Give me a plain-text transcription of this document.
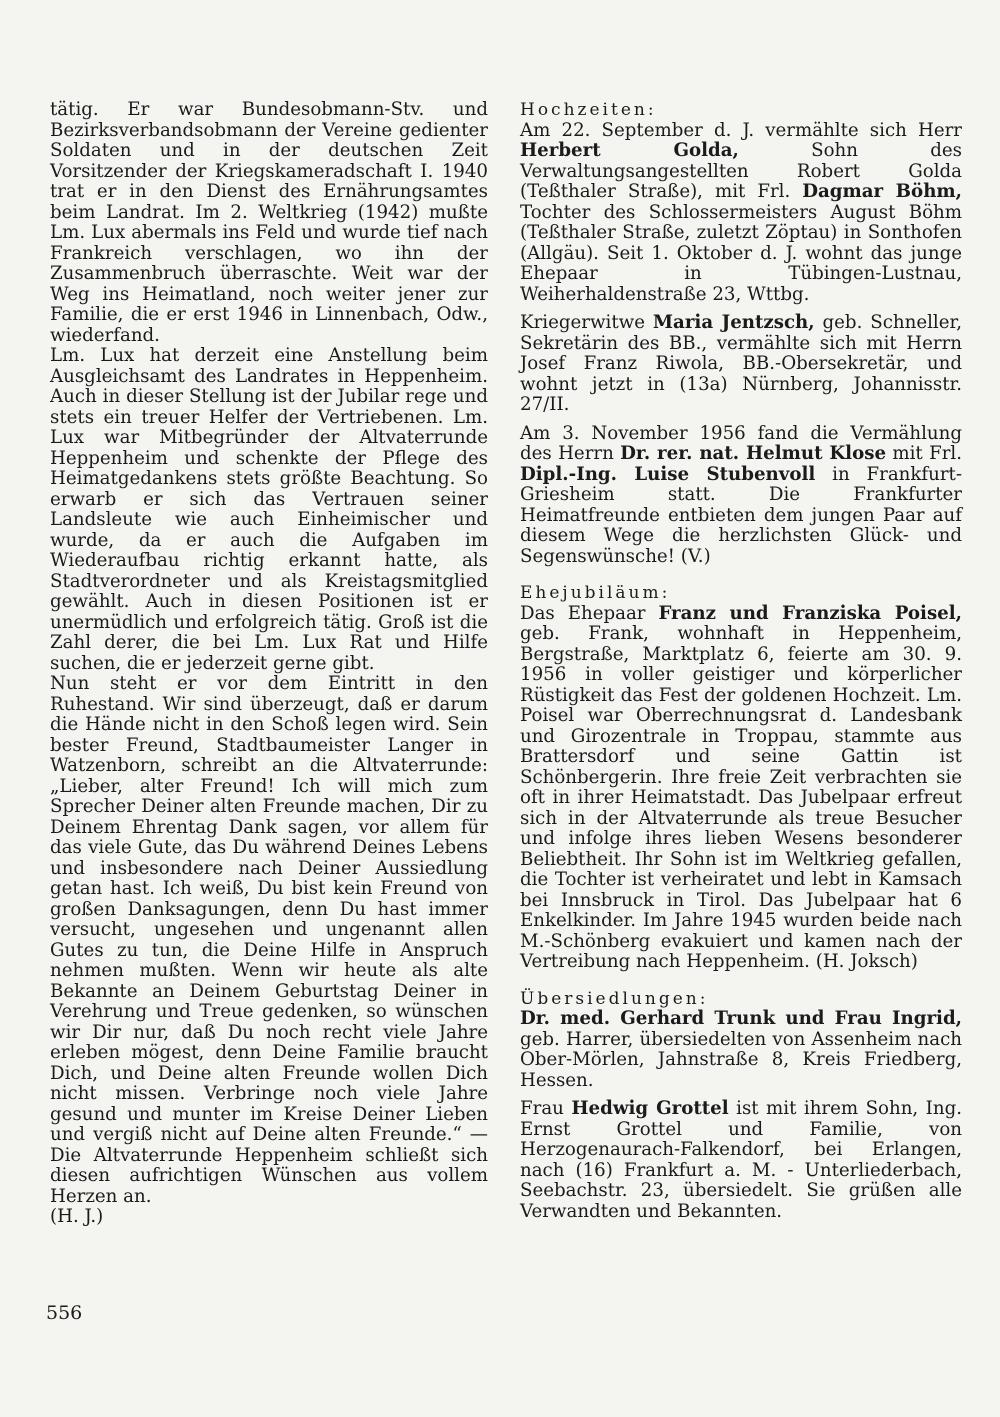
tätig. Er war Bundesobmann-Stv. und Bezirksverbandsobmann der Vereine gedienter Soldaten und in der deutschen Zeit Vorsitzender der Kriegskameradschaft I. 1940 trat er in den Dienst des Ernährungsamtes beim Landrat. Im 2. Weltkrieg (1942) mußte Lm. Lux abermals ins Feld und wurde tief nach Frankreich verschlagen, wo ihn der Zusammenbruch überraschte. Weit war der Weg ins Heimatland, noch weiter jener zur Familie, die er erst 1946 in Linnenbach, Odw., wiederfand.

Lm. Lux hat derzeit eine Anstellung beim Ausgleichsamt des Landrates in Heppenheim. Auch in dieser Stellung ist der Jubilar rege und stets ein treuer Helfer der Vertriebenen. Lm. Lux war Mitbegründer der Altvaterrunde Heppenheim und schenkte der Pflege des Heimatgedankens stets größte Beachtung. So erwarb er sich das Vertrauen seiner Landsleute wie auch Einheimischer und wurde, da er auch die Aufgaben im Wiederaufbau richtig erkannt hatte, als Stadtverordneter und als Kreistagsmitglied gewählt. Auch in diesen Positionen ist er unermüdlich und erfolgreich tätig. Groß ist die Zahl derer, die bei Lm. Lux Rat und Hilfe suchen, die er jederzeit gerne gibt.

Nun steht er vor dem Eintritt in den Ruhestand. Wir sind überzeugt, daß er darum die Hände nicht in den Schoß legen wird. Sein bester Freund, Stadtbaumeister Langer in Watzenborn, schreibt an die Altvaterrunde: „Lieber, alter Freund! Ich will mich zum Sprecher Deiner alten Freunde machen, Dir zu Deinem Ehrentag Dank sagen, vor allem für das viele Gute, das Du während Deines Lebens und insbesondere nach Deiner Aussiedlung getan hast. Ich weiß, Du bist kein Freund von großen Danksagungen, denn Du hast immer versucht, ungesehen und ungenannt allen Gutes zu tun, die Deine Hilfe in Anspruch nehmen mußten. Wenn wir heute als alte Bekannte an Deinem Geburtstag Deiner in Verehrung und Treue gedenken, so wünschen wir Dir nur, daß Du noch recht viele Jahre erleben mögest, denn Deine Familie braucht Dich, und Deine alten Freunde wollen Dich nicht missen. Verbringe noch viele Jahre gesund und munter im Kreise Deiner Lieben und vergiß nicht auf Deine alten Freunde.“ — Die Altvaterrunde Heppenheim schließt sich diesen aufrichtigen Wünschen aus vollem Herzen an.

(H. J.)

Hochzeiten:

Am 22. September d. J. vermählte sich Herr Herbert Golda, Sohn des Verwaltungsangestellten Robert Golda (Teßthaler Straße), mit Frl. Dagmar Böhm, Tochter des Schlossermeisters August Böhm (Teßthaler Straße, zuletzt Zöptau) in Sonthofen (Allgäu). Seit 1. Oktober d. J. wohnt das junge Ehepaar in Tübingen-Lustnau, Weiherhaldenstraße 23, Wttbg.

Kriegerwitwe Maria Jentzsch, geb. Schneller, Sekretärin des BB., vermählte sich mit Herrn Josef Franz Riwola, BB.-Obersekretär, und wohnt jetzt in (13a) Nürnberg, Johannisstr. 27/II.

Am 3. November 1956 fand die Vermählung des Herrn Dr. rer. nat. Helmut Klose mit Frl. Dipl.-Ing. Luise Stubenvoll in Frankfurt-Griesheim statt. Die Frankfurter Heimatfreunde entbieten dem jungen Paar auf diesem Wege die herzlichsten Glück- und Segenswünsche! (V.)

Ehejubiläum:

Das Ehepaar Franz und Franziska Poisel, geb. Frank, wohnhaft in Heppenheim, Bergstraße, Marktplatz 6, feierte am 30. 9. 1956 in voller geistiger und körperlicher Rüstigkeit das Fest der goldenen Hochzeit. Lm. Poisel war Oberrechnungsrat d. Landesbank und Girozentrale in Troppau, stammte aus Brattersdorf und seine Gattin ist Schönbergerin. Ihre freie Zeit verbrachten sie oft in ihrer Heimatstadt. Das Jubelpaar erfreut sich in der Altvaterrunde als treue Besucher und infolge ihres lieben Wesens besonderer Beliebtheit. Ihr Sohn ist im Weltkrieg gefallen, die Tochter ist verheiratet und lebt in Kamsach bei Innsbruck in Tirol. Das Jubelpaar hat 6 Enkelkinder. Im Jahre 1945 wurden beide nach M.-Schönberg evakuiert und kamen nach der Vertreibung nach Heppenheim. (H. Joksch)

Übersiedlungen:

Dr. med. Gerhard Trunk und Frau Ingrid, geb. Harrer, übersiedelten von Assenheim nach Ober-Mörlen, Jahnstraße 8, Kreis Friedberg, Hessen.

Frau Hedwig Grottel ist mit ihrem Sohn, Ing. Ernst Grottel und Familie, von Herzogenaurach-Falkendorf, bei Erlangen, nach (16) Frankfurt a. M. - Unterliederbach, Seebachstr. 23, übersiedelt. Sie grüßen alle Verwandten und Bekannten.

556
